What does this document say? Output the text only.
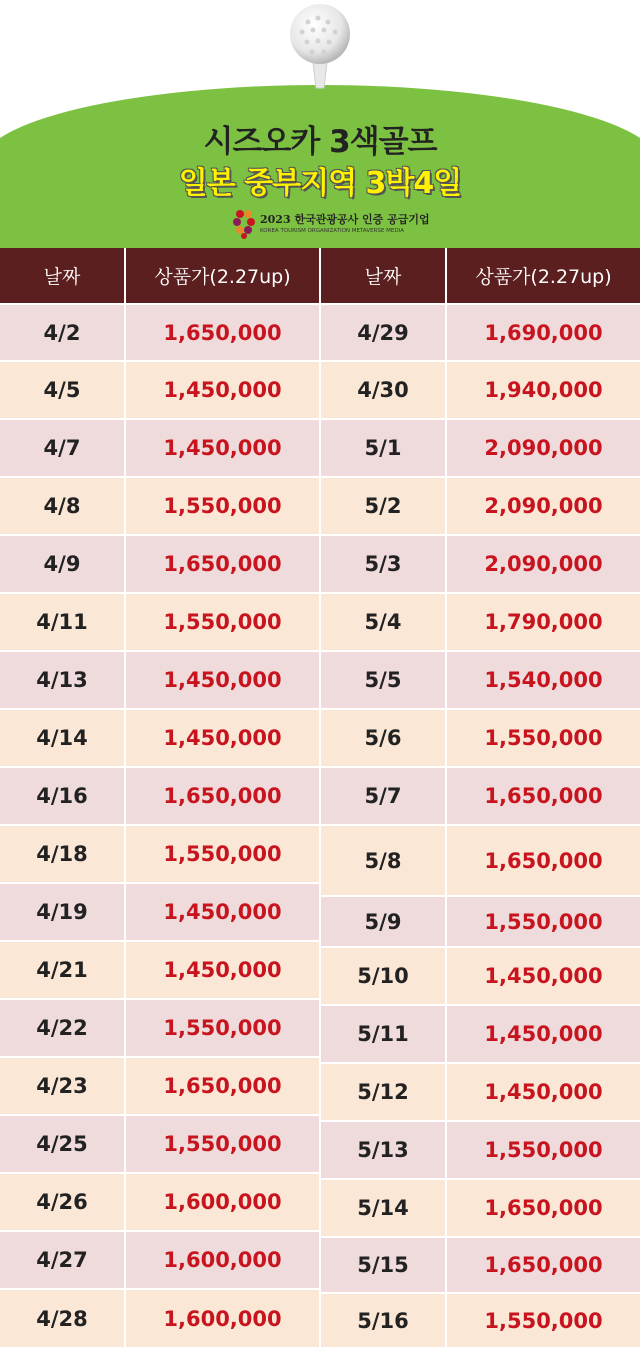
시즈오카 3색골프
일본 중부지역 3박4일
2023 한국관광공사 인증 공급기업
KOREA TOURISM ORGANIZATION METAVERSE MEDIA
날짜	상품가(2.27up)
4/2	1,650,000
4/5	1,450,000
4/7	1,450,000
4/8	1,550,000
4/9	1,650,000
4/11	1,550,000
4/13	1,450,000
4/14	1,450,000
4/16	1,650,000
4/18	1,550,000
4/19	1,450,000
4/21	1,450,000
4/22	1,550,000
4/23	1,650,000
4/25	1,550,000
4/26	1,600,000
4/27	1,600,000
4/28	1,600,000
날짜	상품가(2.27up)
4/29	1,690,000
4/30	1,940,000
5/1	2,090,000
5/2	2,090,000
5/3	2,090,000
5/4	1,790,000
5/5	1,540,000
5/6	1,550,000
5/7	1,650,000
5/8	1,650,000
5/9	1,550,000
5/10	1,450,000
5/11	1,450,000
5/12	1,450,000
5/13	1,550,000
5/14	1,650,000
5/15	1,650,000
5/16	1,550,000
